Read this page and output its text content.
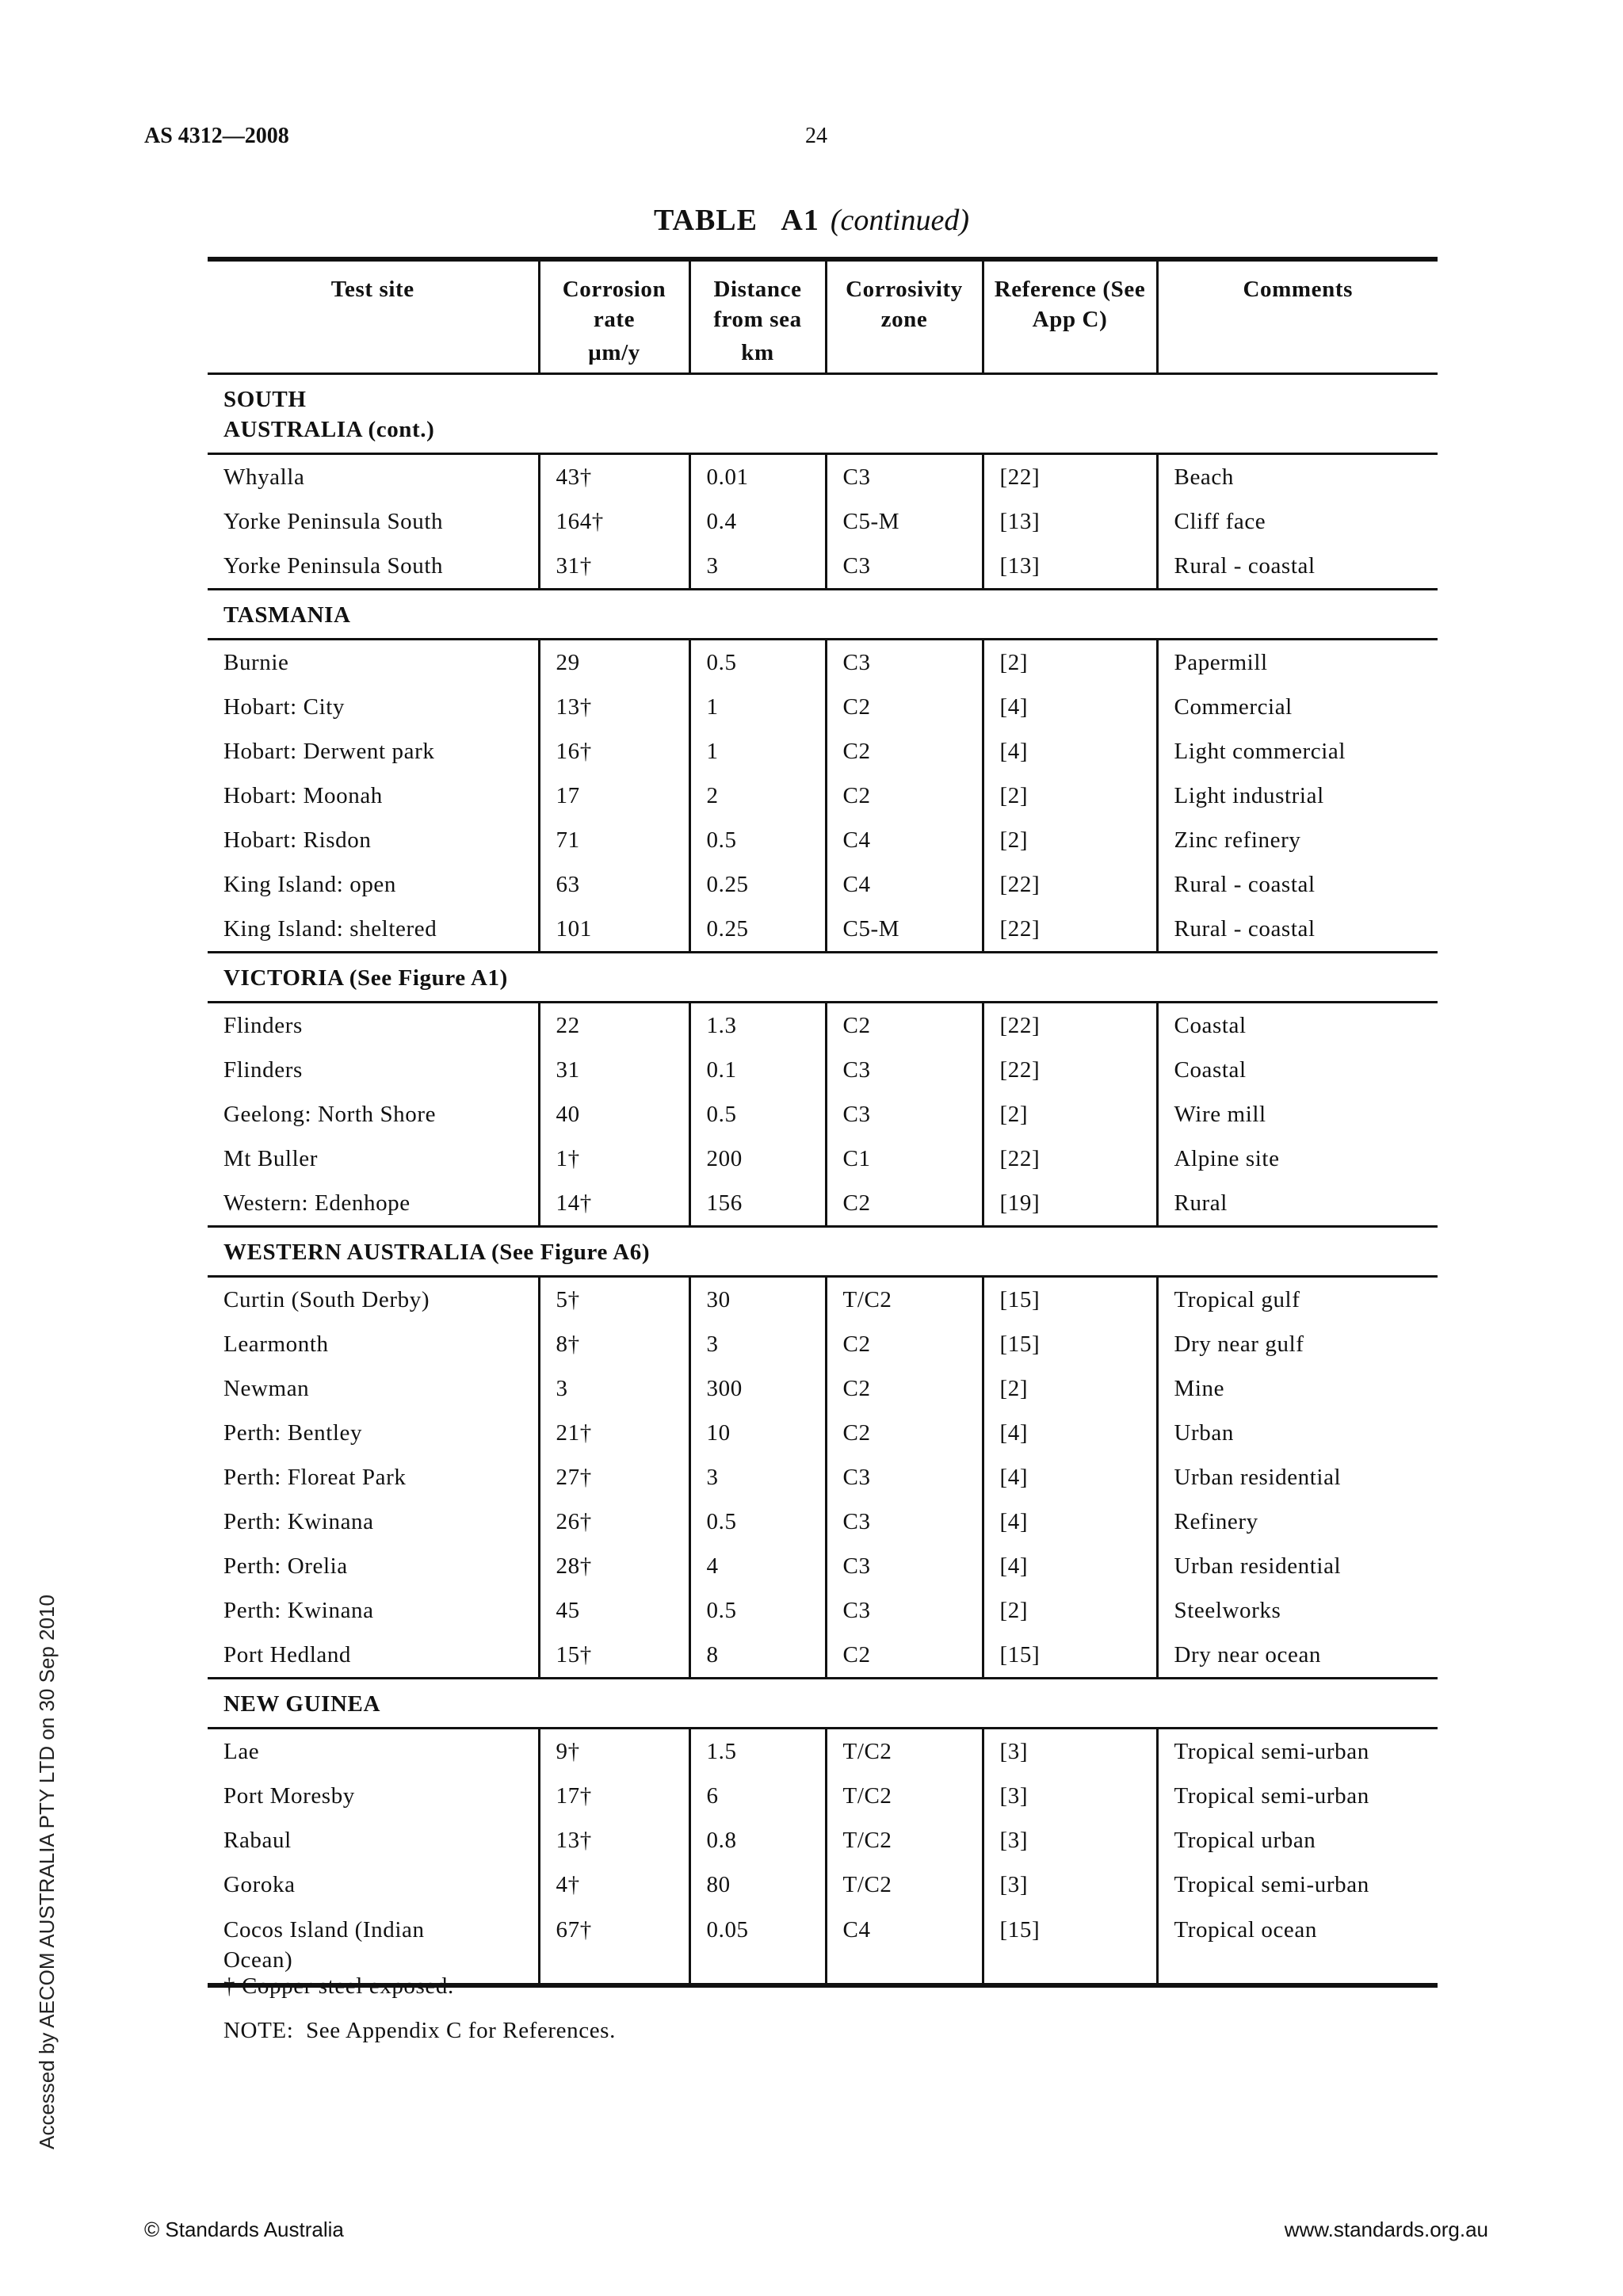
AS 4312—2008	24
TABLE   A1 (continued)
Test site	Corrosion rate	Distance from sea	Corrosivity zone	Reference (See App C)	Comments
	µm/y	km			
SOUTH AUSTRALIA (cont.)					
Whyalla	43†	0.01	C3	[22]	Beach
Yorke Peninsula South	164†	0.4	C5-M	[13]	Cliff face
Yorke Peninsula South	31†	3	C3	[13]	Rural - coastal
TASMANIA					
Burnie	29	0.5	C3	[2]	Papermill
Hobart: City	13†	1	C2	[4]	Commercial
Hobart: Derwent park	16†	1	C2	[4]	Light commercial
Hobart: Moonah	17	2	C2	[2]	Light industrial
Hobart: Risdon	71	0.5	C4	[2]	Zinc refinery
King Island: open	63	0.25	C4	[22]	Rural - coastal
King Island: sheltered	101	0.25	C5-M	[22]	Rural - coastal
VICTORIA (See Figure A1)					
Flinders	22	1.3	C2	[22]	Coastal
Flinders	31	0.1	C3	[22]	Coastal
Geelong: North Shore	40	0.5	C3	[2]	Wire mill
Mt Buller	1†	200	C1	[22]	Alpine site
Western: Edenhope	14†	156	C2	[19]	Rural
WESTERN AUSTRALIA (See Figure A6)					
Curtin (South Derby)	5†	30	T/C2	[15]	Tropical gulf
Learmonth	8†	3	C2	[15]	Dry near gulf
Newman	3	300	C2	[2]	Mine
Perth: Bentley	21†	10	C2	[4]	Urban
Perth: Floreat Park	27†	3	C3	[4]	Urban residential
Perth: Kwinana	26†	0.5	C3	[4]	Refinery
Perth: Orelia	28†	4	C3	[4]	Urban residential
Perth: Kwinana	45	0.5	C3	[2]	Steelworks
Port Hedland	15†	8	C2	[15]	Dry near ocean
NEW GUINEA					
Lae	9†	1.5	T/C2	[3]	Tropical semi-urban
Port Moresby	17†	6	T/C2	[3]	Tropical semi-urban
Rabaul	13†	0.8	T/C2	[3]	Tropical urban
Goroka	4†	80	T/C2	[3]	Tropical semi-urban
Cocos Island (Indian Ocean)	67†	0.05	C4	[15]	Tropical ocean
† Copper steel exposed.
NOTE:  See Appendix C for References.
Accessed by AECOM AUSTRALIA PTY LTD on 30 Sep 2010
© Standards Australia	www.standards.org.au
